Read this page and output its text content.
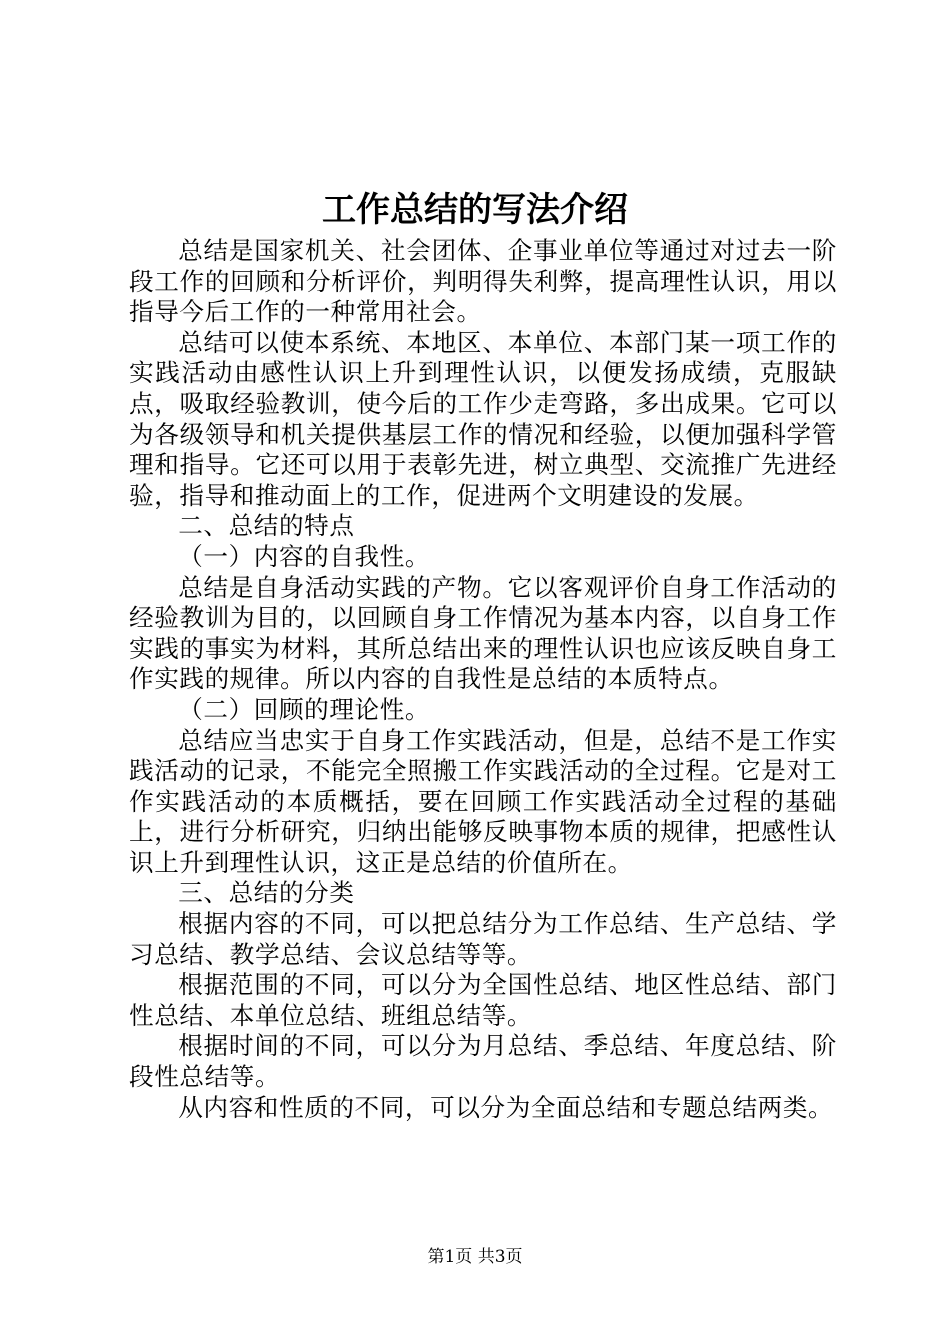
工作总结的写法介绍

总结是国家机关、社会团体、企事业单位等通过对过去一阶段工作的回顾和分析评价，判明得失利弊，提高理性认识，用以指导今后工作的一种常用社会。

总结可以使本系统、本地区、本单位、本部门某一项工作的实践活动由感性认识上升到理性认识，以便发扬成绩，克服缺点，吸取经验教训，使今后的工作少走弯路，多出成果。它可以为各级领导和机关提供基层工作的情况和经验，以便加强科学管理和指导。它还可以用于表彰先进，树立典型、交流推广先进经验，指导和推动面上的工作，促进两个文明建设的发展。

二、总结的特点

（一）内容的自我性。

总结是自身活动实践的产物。它以客观评价自身工作活动的经验教训为目的，以回顾自身工作情况为基本内容，以自身工作实践的事实为材料，其所总结出来的理性认识也应该反映自身工作实践的规律。所以内容的自我性是总结的本质特点。

（二）回顾的理论性。

总结应当忠实于自身工作实践活动，但是，总结不是工作实践活动的记录，不能完全照搬工作实践活动的全过程。它是对工作实践活动的本质概括，要在回顾工作实践活动全过程的基础上，进行分析研究，归纳出能够反映事物本质的规律，把感性认识上升到理性认识，这正是总结的价值所在。

三、总结的分类

根据内容的不同，可以把总结分为工作总结、生产总结、学习总结、教学总结、会议总结等等。

根据范围的不同，可以分为全国性总结、地区性总结、部门性总结、本单位总结、班组总结等。

根据时间的不同，可以分为月总结、季总结、年度总结、阶段性总结等。

从内容和性质的不同，可以分为全面总结和专题总结两类。

第1页 共3页
